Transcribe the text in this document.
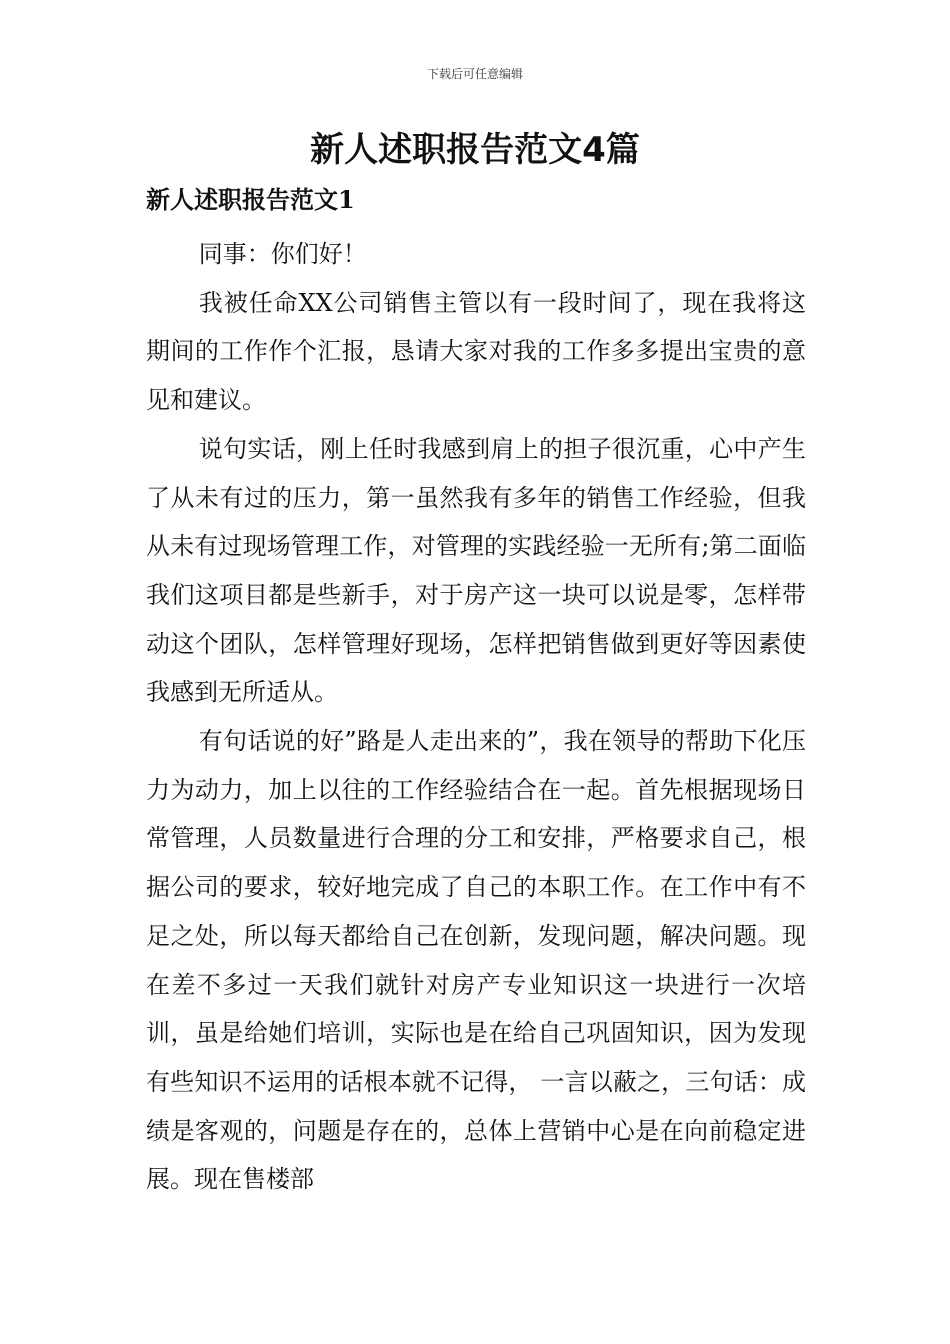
下载后可任意编辑
新人述职报告范文4篇
新人述职报告范文1

同事：你们好！

我被任命XX公司销售主管以有一段时间了，现在我将这期间的工作作个汇报，恳请大家对我的工作多多提出宝贵的意见和建议。

说句实话，刚上任时我感到肩上的担子很沉重，心中产生了从未有过的压力，第一虽然我有多年的销售工作经验，但我从未有过现场管理工作，对管理的实践经验一无所有;第二面临我们这项目都是些新手，对于房产这一块可以说是零，怎样带动这个团队，怎样管理好现场，怎样把销售做到更好等因素使我感到无所适从。

有句话说的好”路是人走出来的”，我在领导的帮助下化压力为动力，加上以往的工作经验结合在一起。首先根据现场日常管理，人员数量进行合理的分工和安排，严格要求自己，根据公司的要求，较好地完成了自己的本职工作。在工作中有不足之处，所以每天都给自己在创新，发现问题，解决问题。现在差不多过一天我们就针对房产专业知识这一块进行一次培训，虽是给她们培训，实际也是在给自己巩固知识，因为发现有些知识不运用的话根本就不记得， 一言以蔽之，三句话：成绩是客观的，问题是存在的，总体上营销中心是在向前稳定进展。现在售楼部
